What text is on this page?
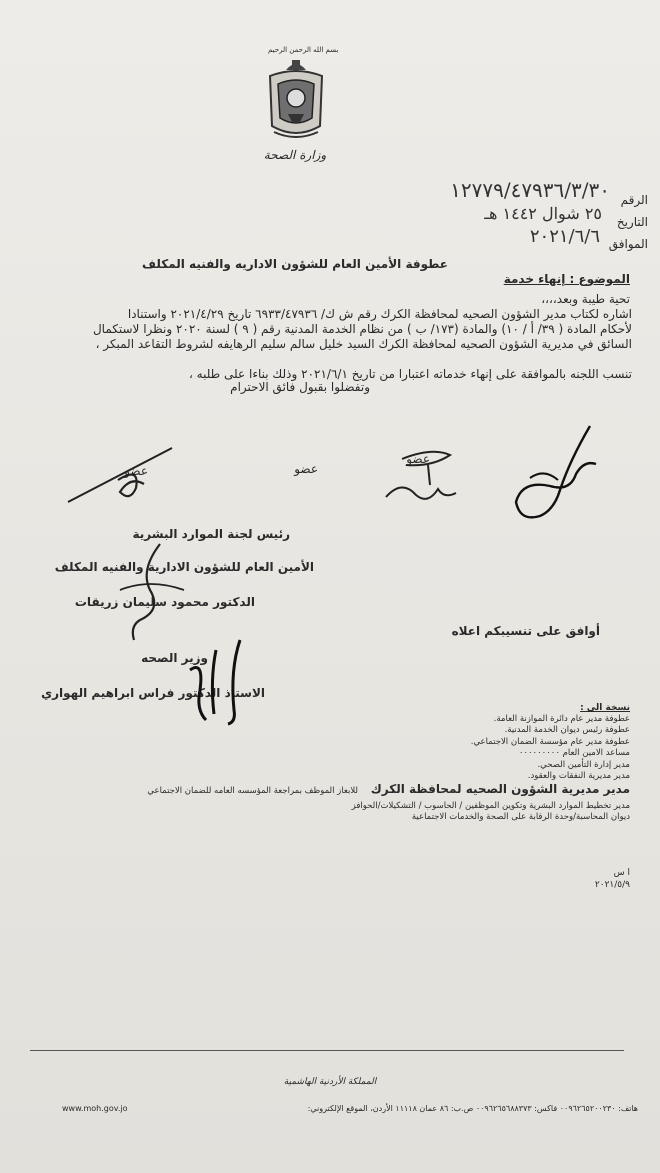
بسم الله الرحمن الرحيم
وزارة الصحة
الرقم
١٢٧٧٩/٤٧٩٣٦/٣/٣٠
التاريخ
٢٥ شوال ١٤٤٢ هـ
الموافق
٢٠٢١/٦/٦
عطوفة الأمين العام للشؤون الاداريه والفنيه المكلف
الموضوع : إنهاء خدمة
تحية طيبة وبعد،،،،
اشاره لكتاب مدير الشؤون الصحيه لمحافظة الكرك رقم ش ك/ ٦٩٣٣/٤٧٩٣٦ تاريخ ٢٠٢١/٤/٢٩ واستنادا
لأحكام المادة ( ٣٩/ أ / ١٠) والمادة (١٧٣/ ب ) من نظام الخدمة المدنية رقم ( ٩ ) لسنة ٢٠٢٠ ونظرا لاستكمال
السائق في مديرية الشؤون الصحيه لمحافظة الكرك السيد خليل سالم سليم الرهايفه لشروط التقاعد المبكر ،
تنسب اللجنه بالموافقة على إنهاء خدماته اعتبارا من تاريخ ٢٠٢١/٦/١ وذلك بناءا على طلبه ،
وتفضلوا بقبول فائق الاحترام
عضو	عضو
عضو
رئيس لجنة الموارد البشرية
الأمين العام للشؤون الادارية والفنيه المكلف
الدكتور محمود سليمان زريقات
أوافق على تنسيبكم اعلاه
وزير الصحه
الاستاذ الدكتور فراس ابراهيم الهواري
نسخة الى :
عطوفة مدير عام دائرة الموازنة العامة.
عطوفة رئيس ديوان الخدمة المدنية.
عطوفة مدير عام مؤسسة الضمان الاجتماعي.
مساعد الامين العام ٠٠٠٠٠٠٠٠٠
مدير إدارة التأمين الصحي.
مدير مديرية النفقات والعقود.
مدير مديرية الشؤون الصحيه لمحافظة الكرك
للابعاز الموظف بمراجعة المؤسسه العامه للضمان الاجتماعي
مدير تخطيط الموارد البشرية وتكوين الموظفين / الحاسوب / التشكيلات/الحوافز
ديوان المحاسبة/وحدة الرقابة على الصحة والخدمات الاجتماعية
ا س
٢٠٢١/٥/٩
المملكة الأردنية الهاشمية
هاتف: ٠٠٩٦٢٦٥٢٠٠٢٣٠ فاكس: ٠٠٩٦٢٦٥٦٨٨٣٧٣ ص.ب: ٨٦ عمان ١١١١٨ الأردن، الموقع الإلكتروني:
www.moh.gov.jo
